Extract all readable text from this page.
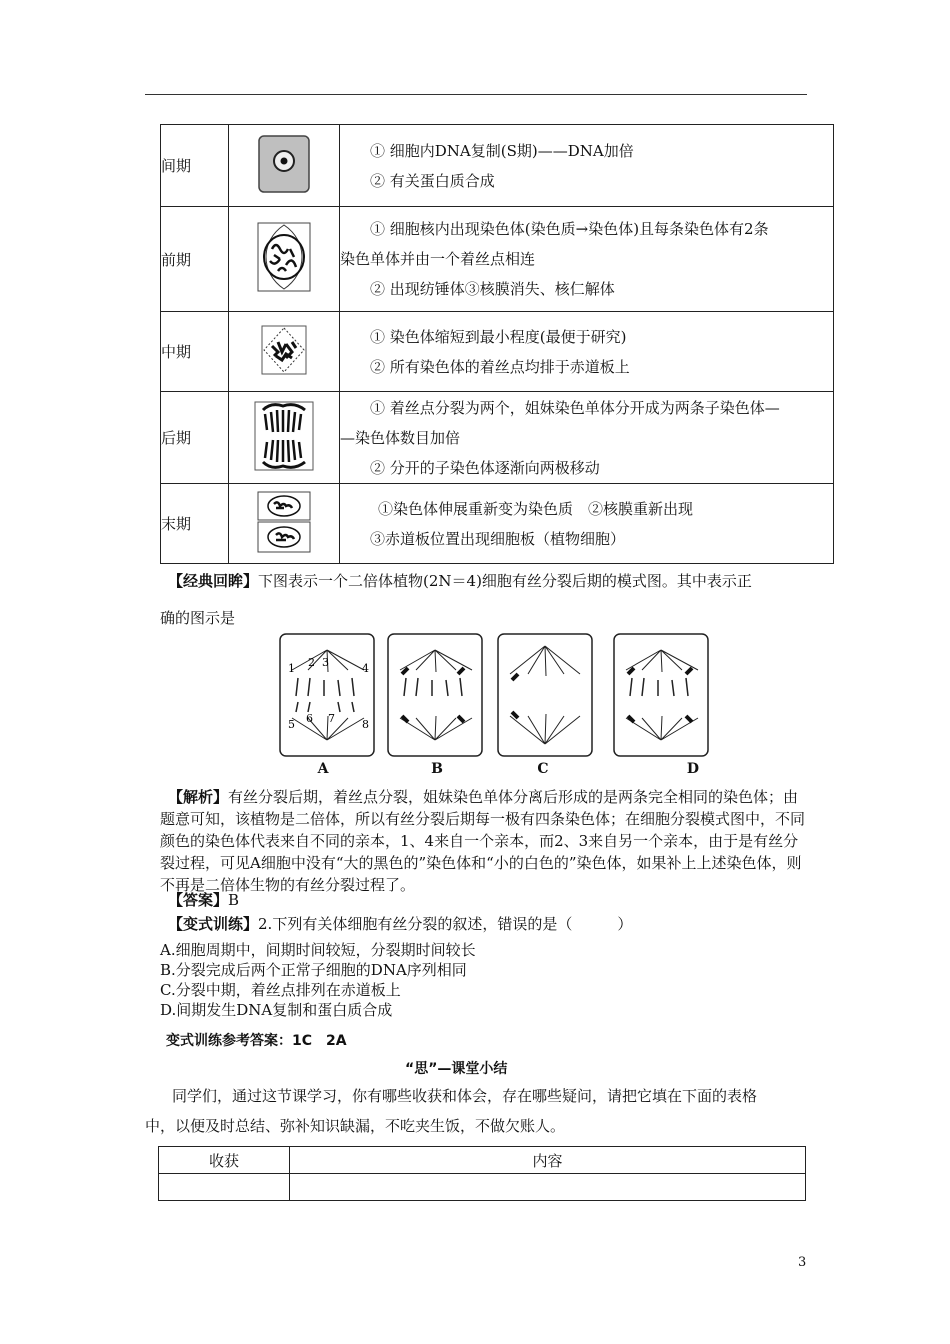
间期		① 细胞内DNA复制(S期)——DNA加倍
② 有关蛋白质合成

前期		① 细胞核内出现染色体(染色质→染色体)且每条染色体有2条
染色单体并由一个着丝点相连
② 出现纺锤体③核膜消失、核仁解体

中期		① 染色体缩短到最小程度(最便于研究)
② 所有染色体的着丝点均排于赤道板上

后期		① 着丝点分裂为两个，姐妹染色单体分开成为两条子染色体—
—染色体数目加倍
② 分开的子染色体逐渐向两极移动

末期		①染色体伸展重新变为染色质　②核膜重新出现
③赤道板位置出现细胞板（植物细胞）
【经典回眸】下图表示一个二倍体植物(2N＝4)细胞有丝分裂后期的模式图。其中表示正
确的图示是
1 2 3	4
5 6 7 8
A	B	C	D
【解析】有丝分裂后期，着丝点分裂，姐妹染色单体分离后形成的是两条完全相同的染色体；由题意可知，该植物是二倍体，所以有丝分裂后期每一极有四条染色体；在细胞分裂模式图中，不同颜色的染色体代表来自不同的亲本，1、4来自一个亲本，而2、3来自另一个亲本，由于是有丝分裂过程，可见A细胞中没有“大的黑色的”染色体和“小的白色的”染色体，如果补上上述染色体，则不再是二倍体生物的有丝分裂过程了。
【答案】B
【变式训练】2.下列有关体细胞有丝分裂的叙述，错误的是（　　　）
A.细胞周期中，间期时间较短，分裂期时间较长
B.分裂完成后两个正常子细胞的DNA序列相同
C.分裂中期，着丝点排列在赤道板上
D.间期发生DNA复制和蛋白质合成
变式训练参考答案：1C　2A
“思”—课堂小结
同学们，通过这节课学习，你有哪些收获和体会，存在哪些疑问，请把它填在下面的表格
中，以便及时总结、弥补知识缺漏，不吃夹生饭，不做欠账人。
收获	内容

3
